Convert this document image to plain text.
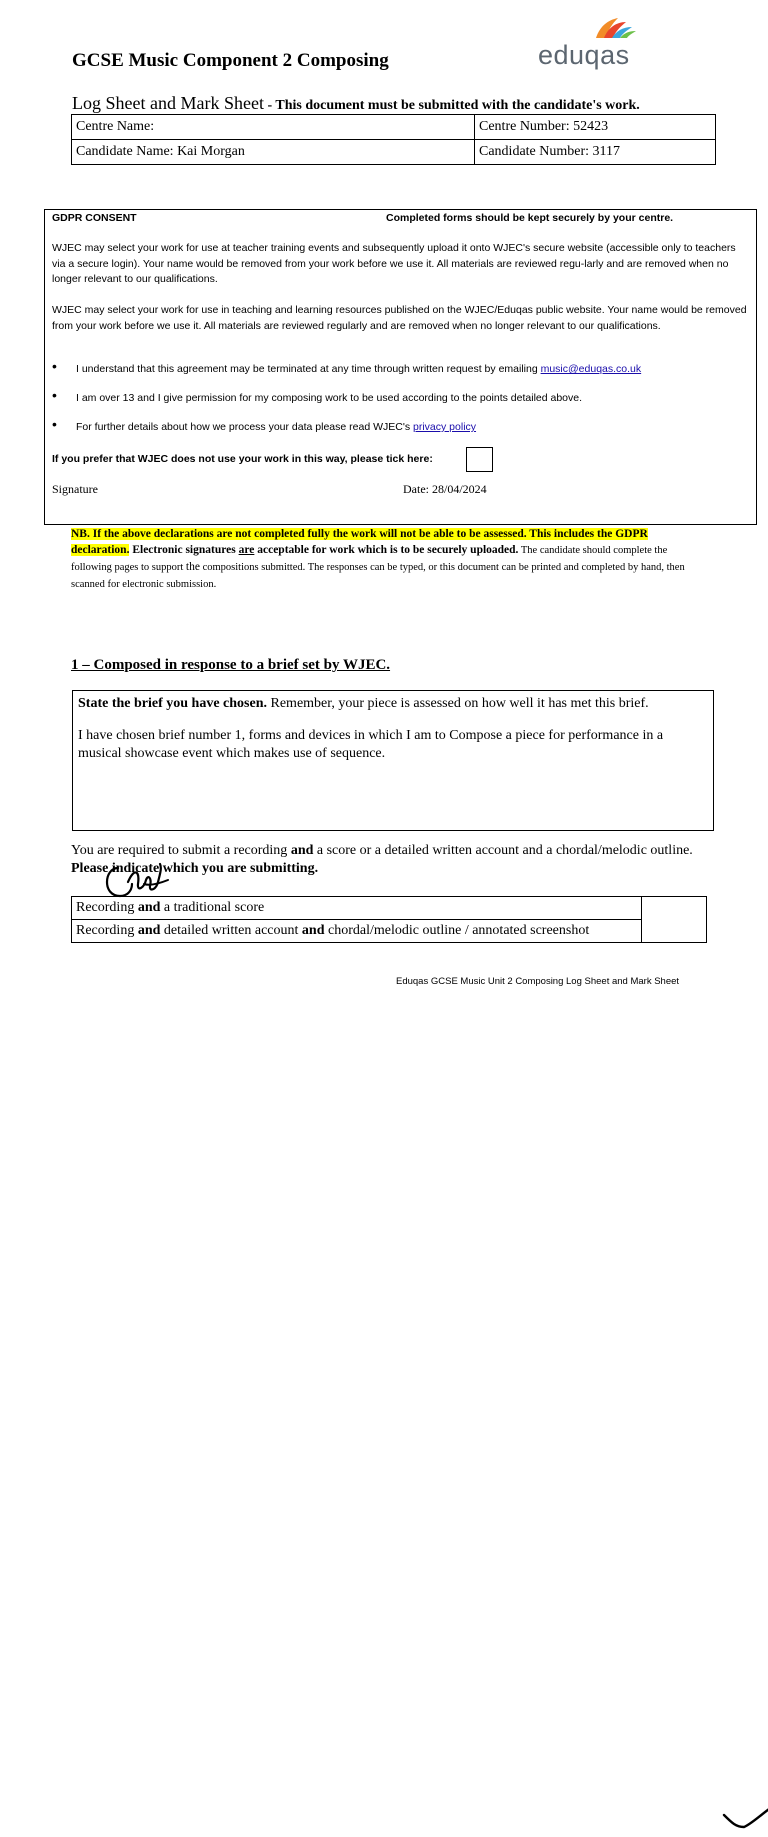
GCSE Music Component 2 Composing	eduqas
Log Sheet and Mark Sheet - This document must be submitted with the candidate's work.
Centre Name:	Centre Number: 52423
Candidate Name: Kai Morgan	Candidate Number: 3117
GDPR CONSENT	Completed forms should be kept securely by your centre.

WJEC may select your work for use at teacher training events and subsequently upload it onto WJEC's secure website (accessible only to teachers via a secure login). Your name would be removed from your work before we use it. All materials are reviewed regu-larly and are removed when no longer relevant to our qualifications.

WJEC may select your work for use in teaching and learning resources published on the WJEC/Eduqas public website. Your name would be removed from your work before we use it. All materials are reviewed regularly and are removed when no longer relevant to our qualifications.

• I understand that this agreement may be terminated at any time through written request by emailing music@eduqas.co.uk
• I am over 13 and I give permission for my composing work to be used according to the points detailed above.
• For further details about how we process your data please read WJEC's privacy policy

If you prefer that WJEC does not use your work in this way, please tick here:

Signature	Date: 28/04/2024
NB. If the above declarations are not completed fully the work will not be able to be assessed. This includes the GDPR declaration. Electronic signatures are acceptable for work which is to be securely uploaded. The candidate should complete the following pages to support the compositions submitted. The responses can be typed, or this document can be printed and completed by hand, then scanned for electronic submission.
1 – Composed in response to a brief set by WJEC.

State the brief you have chosen. Remember, your piece is assessed on how well it has met this brief.

I have chosen brief number 1, forms and devices in which I am to Compose a piece for performance in a musical showcase event which makes use of sequence.

You are required to submit a recording and a score or a detailed written account and a chordal/melodic outline. Please indicate which you are submitting.
Recording and a traditional score	

Recording and detailed written account and chordal/melodic outline / annotated screenshot
Eduqas GCSE Music Unit 2 Composing Log Sheet and Mark Sheet
